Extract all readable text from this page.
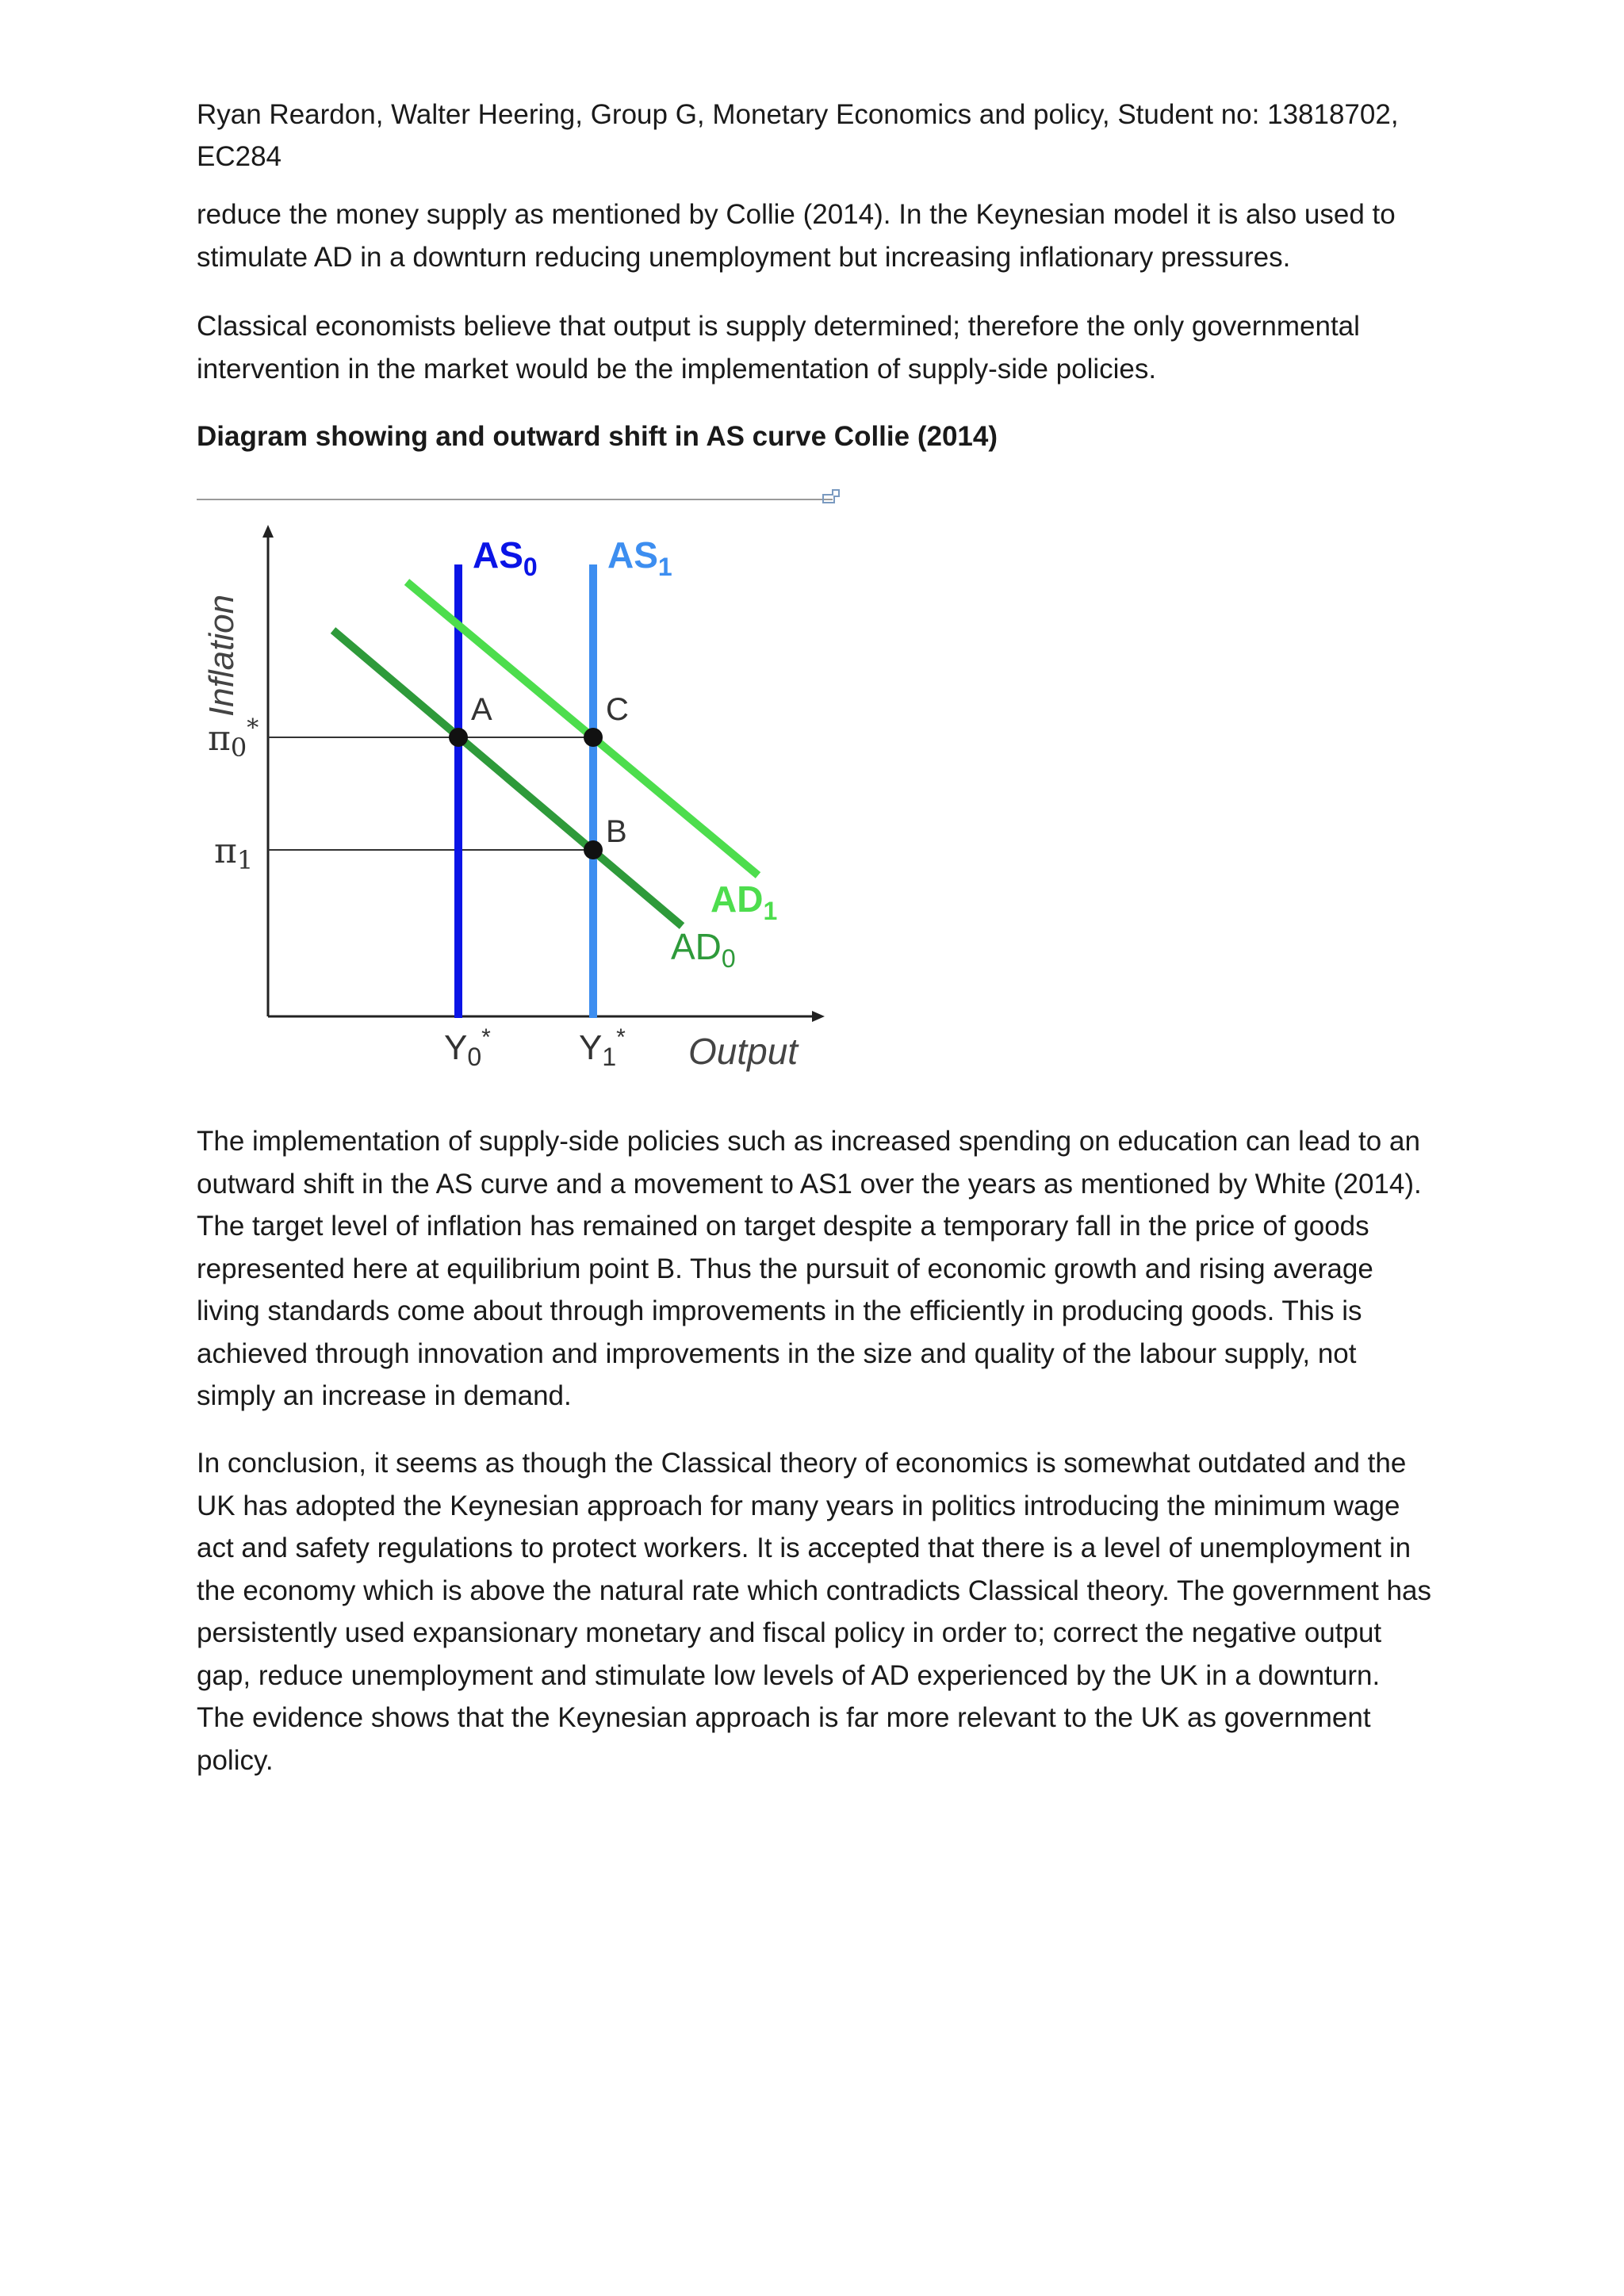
Ryan Reardon, Walter Heering, Group G, Monetary Economics and policy, Student no: 13818702,
EC284
reduce the money supply as mentioned by Collie (2014). In the Keynesian model it is also used to
stimulate AD in a downturn reducing unemployment but increasing inflationary pressures.
Classical economists believe that output is supply determined; therefore the only governmental
intervention in the market would be the implementation of supply-side policies.
Diagram showing and outward shift in AS curve Collie (2014)
Inflation	A	C
B
$AS_0$ $AS_1$
$AD_1$
$AD_0$
π0*
π1
Y0*	Y1* Output
The implementation of supply-side policies such as increased spending on education can lead to an
outward shift in the AS curve and a movement to AS1 over the years as mentioned by White (2014).
The target level of inflation has remained on target despite a temporary fall in the price of goods
represented here at equilibrium point B. Thus the pursuit of economic growth and rising average
living standards come about through improvements in the efficiently in producing goods. This is
achieved through innovation and improvements in the size and quality of the labour supply, not
simply an increase in demand.
In conclusion, it seems as though the Classical theory of economics is somewhat outdated and the
UK has adopted the Keynesian approach for many years in politics introducing the minimum wage
act and safety regulations to protect workers. It is accepted that there is a level of unemployment in
the economy which is above the natural rate which contradicts Classical theory. The government has
persistently used expansionary monetary and fiscal policy in order to; correct the negative output
gap, reduce unemployment and stimulate low levels of AD experienced by the UK in a downturn.
The evidence shows that the Keynesian approach is far more relevant to the UK as government
policy.
